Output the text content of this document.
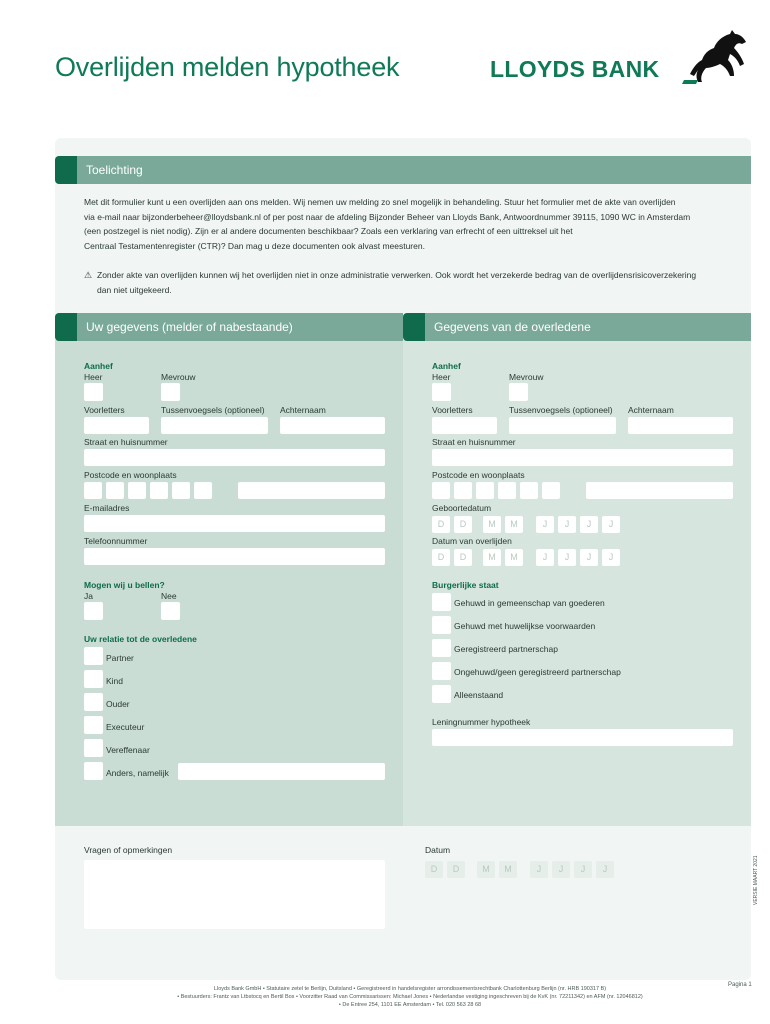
Overlijden melden hypotheek	LLOYDS BANK
Toelichting
Met dit formulier kunt u een overlijden aan ons melden. Wij nemen uw melding zo snel mogelijk in behandeling. Stuur het formulier met de akte van overlijden
via e-mail naar bijzonderbeheer@lloydsbank.nl of per post naar de afdeling Bijzonder Beheer van Lloyds Bank, Antwoordnummer 39115, 1090 WC in Amsterdam
(een postzegel is niet nodig). Zijn er al andere documenten beschikbaar? Zoals een verklaring van erfrecht of een uittreksel uit het
Centraal Testamentenregister (CTR)? Dan mag u deze documenten ook alvast meesturen.
⚠ Zonder akte van overlijden kunnen wij het overlijden niet in onze administratie verwerken. Ook wordt het verzekerde bedrag van de overlijdensrisicoverzekering
dan niet uitgekeerd.
Uw gegevens (melder of nabestaande)	Gegevens van de overledene
Aanhef
Heer	Mevrouw
Voorletters	Tussenvoegsels (optioneel) Achternaam
Straat en huisnummer
Postcode en woonplaats
E-mailadres
Telefoonnummer
Mogen wij u bellen?
Ja	Nee
Uw relatie tot de overledene
Partner
Kind
Ouder
Executeur
Vereffenaar
Anders, namelijk
Aanhef
Heer	Mevrouw
Voorletters	Tussenvoegsels (optioneel) Achternaam
Straat en huisnummer
Postcode en woonplaats
Geboortedatum
D	D	M	M	J	J	J	J
Datum van overlijden
D	D	M	M	J	J	J	J
Burgerlijke staat
Gehuwd in gemeenschap van goederen
Gehuwd met huwelijkse voorwaarden
Geregistreerd partnerschap
Ongehuwd/geen geregistreerd partnerschap
Alleenstaand
Leningnummer hypotheek
Vragen of opmerkingen	Datum
D	D	M	M	J	J	J	J	VERSIE MAART 2021
Pagina 1
Lloyds Bank GmbH • Statutaire zetel te Berlijn, Duitsland • Geregistreerd in handelsregister arrondissementsrechtbank Charlottenburg Berlijn (nr. HRB 190317 B)
• Bestuurders: Frantz van Ltbstocq en Bertil Bos • Voorzitter Raad van Commissarissen: Michael Jones • Nederlandse vestiging ingeschreven bij de KvK (nr. 72211342) en AFM (nr. 12046812)
• De Entree 254, 1101 EE Amsterdam • Tel. 020 563 28 68
